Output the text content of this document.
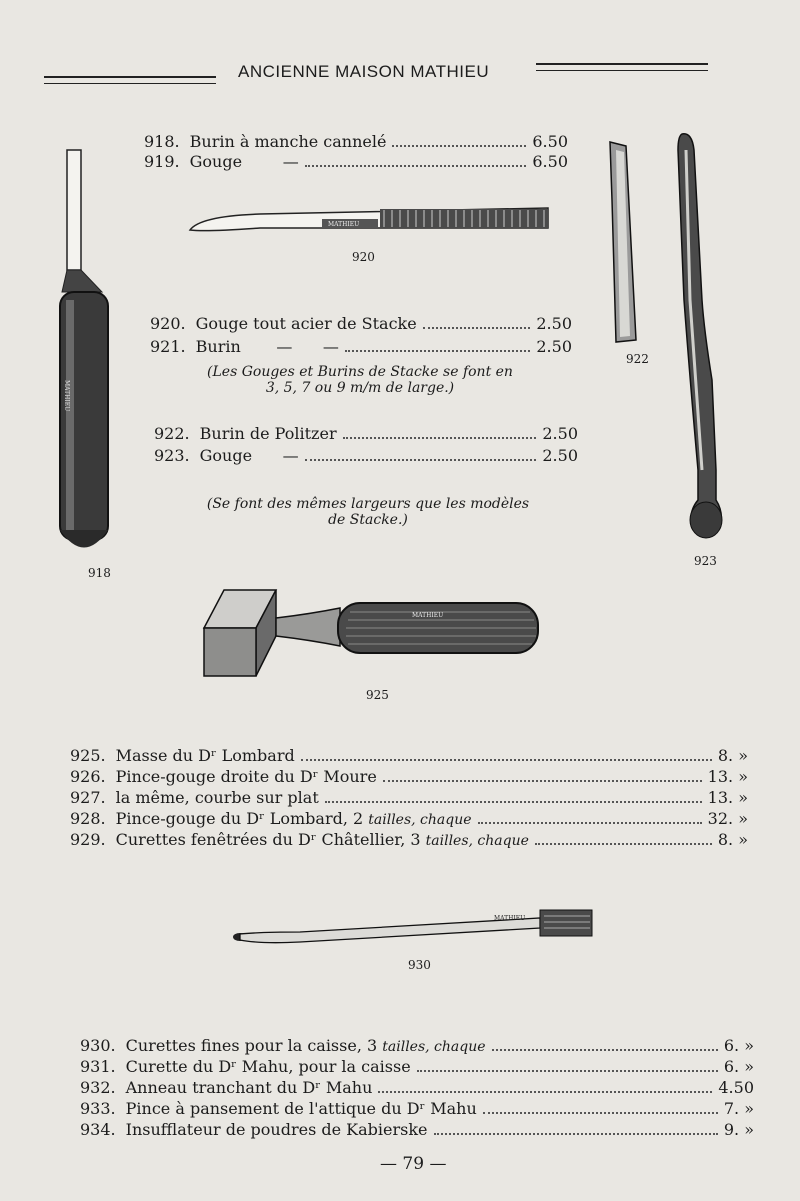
ANCIENNE MAISON MATHIEU
MATHIEU
MATHIEU
MATHIEU
MATHIEU
918
920
922
923
925
930
918. Burin à manche cannelé	6.50
919. Gouge        —	6.50
920. Gouge tout acier de Stacke	2.50
921. Burin       —      —	2.50
(Les Gouges et Burins de Stacke se font en
3, 5, 7 ou 9 m/m de large.)
922. Burin de Politzer	2.50
923. Gouge      —	2.50
(Se font des mêmes largeurs que les modèles
de Stacke.)
925. Masse du Dʳ Lombard	8. »
926. Pince-gouge droite du Dʳ Moure	13. »
927. la même, courbe sur plat	13. »
928. Pince-gouge du Dʳ Lombard, 2 tailles, chaque	32. »
929. Curettes fenêtrées du Dʳ Châtellier, 3 tailles, chaque	8. »
930. Curettes fines pour la caisse, 3 tailles, chaque	6. »
931. Curette du Dʳ Mahu, pour la caisse	6. »
932. Anneau tranchant du Dʳ Mahu	4.50
933. Pince à pansement de l'attique du Dʳ Mahu	7. »
934. Insufflateur de poudres de Kabierske	9. »
— 79 —
